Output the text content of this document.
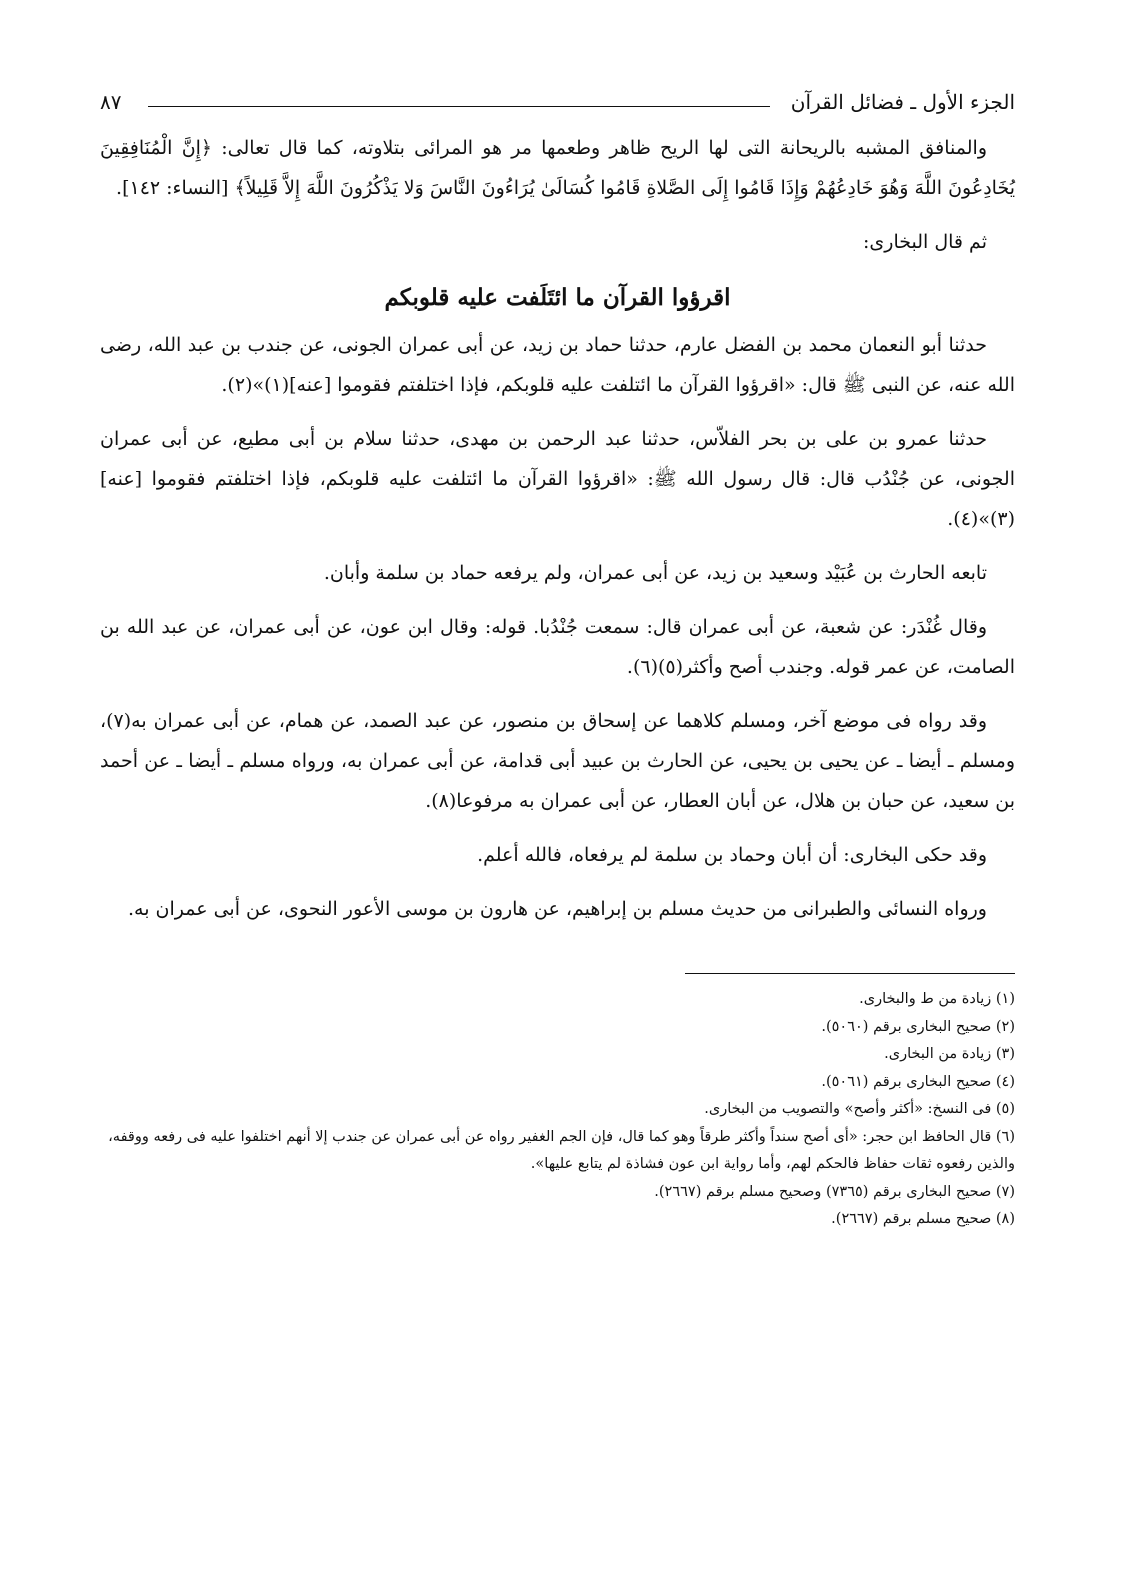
الجزء الأول ـ فضائل القرآن
٨٧

والمنافق المشبه بالريحانة التى لها الريح ظاهر وطعمها مر هو المرائى بتلاوته، كما قال تعالى: ﴿إِنَّ الْمُنَافِقِينَ يُخَادِعُونَ اللَّهَ وَهُوَ خَادِعُهُمْ وَإِذَا قَامُوا إِلَى الصَّلاةِ قَامُوا كُسَالَىٰ يُرَاءُونَ النَّاسَ وَلا يَذْكُرُونَ اللَّهَ إِلاَّ قَلِيلاً﴾ [النساء: ١٤٢].

ثم قال البخارى:

اقرؤوا القرآن ما ائتَلَفت عليه قلوبكم

حدثنا أبو النعمان محمد بن الفضل عارم، حدثنا حماد بن زيد، عن أبى عمران الجونى، عن جندب بن عبد الله، رضى الله عنه، عن النبى ﷺ قال: «اقرؤوا القرآن ما ائتلفت عليه قلوبكم، فإذا اختلفتم فقوموا [عنه](١)»(٢).

حدثنا عمرو بن على بن بحر الفلاّس، حدثنا عبد الرحمن بن مهدى، حدثنا سلام بن أبى مطيع، عن أبى عمران الجونى، عن جُنْدُب قال: قال رسول الله ﷺ: «اقرؤوا القرآن ما ائتلفت عليه قلوبكم، فإذا اختلفتم فقوموا [عنه](٣)»(٤).

تابعه الحارث بن عُبَيْد وسعيد بن زيد، عن أبى عمران، ولم يرفعه حماد بن سلمة وأبان.

وقال غُنْدَر: عن شعبة، عن أبى عمران قال: سمعت جُنْدُبا. قوله: وقال ابن عون، عن أبى عمران، عن عبد الله بن الصامت، عن عمر قوله. وجندب أصح وأكثر(٥)(٦).

وقد رواه فى موضع آخر، ومسلم كلاهما عن إسحاق بن منصور، عن عبد الصمد، عن همام، عن أبى عمران به(٧)، ومسلم ـ أيضا ـ عن يحيى بن يحيى، عن الحارث بن عبيد أبى قدامة، عن أبى عمران به، ورواه مسلم ـ أيضا ـ عن أحمد بن سعيد، عن حبان بن هلال، عن أبان العطار، عن أبى عمران به مرفوعا(٨).

وقد حكى البخارى: أن أبان وحماد بن سلمة لم يرفعاه، فالله أعلم.

ورواه النسائى والطبرانى من حديث مسلم بن إبراهيم، عن هارون بن موسى الأعور النحوى، عن أبى عمران به.

(١) زيادة من ط والبخارى.

(٢) صحيح البخارى برقم (٥٠٦٠).

(٣) زيادة من البخارى.

(٤) صحيح البخارى برقم (٥٠٦١).

(٥) فى النسخ: «أكثر وأصح» والتصويب من البخارى.

(٦) قال الحافظ ابن حجر: «أى أصح سنداً وأكثر طرقاً وهو كما قال، فإن الجم الغفير رواه عن أبى عمران عن جندب إلا أنهم اختلفوا عليه فى رفعه ووقفه، والذين رفعوه ثقات حفاظ فالحكم لهم، وأما رواية ابن عون فشاذة لم يتابع عليها».

(٧) صحيح البخارى برقم (٧٣٦٥) وصحيح مسلم برقم (٢٦٦٧).

(٨) صحيح مسلم برقم (٢٦٦٧).
